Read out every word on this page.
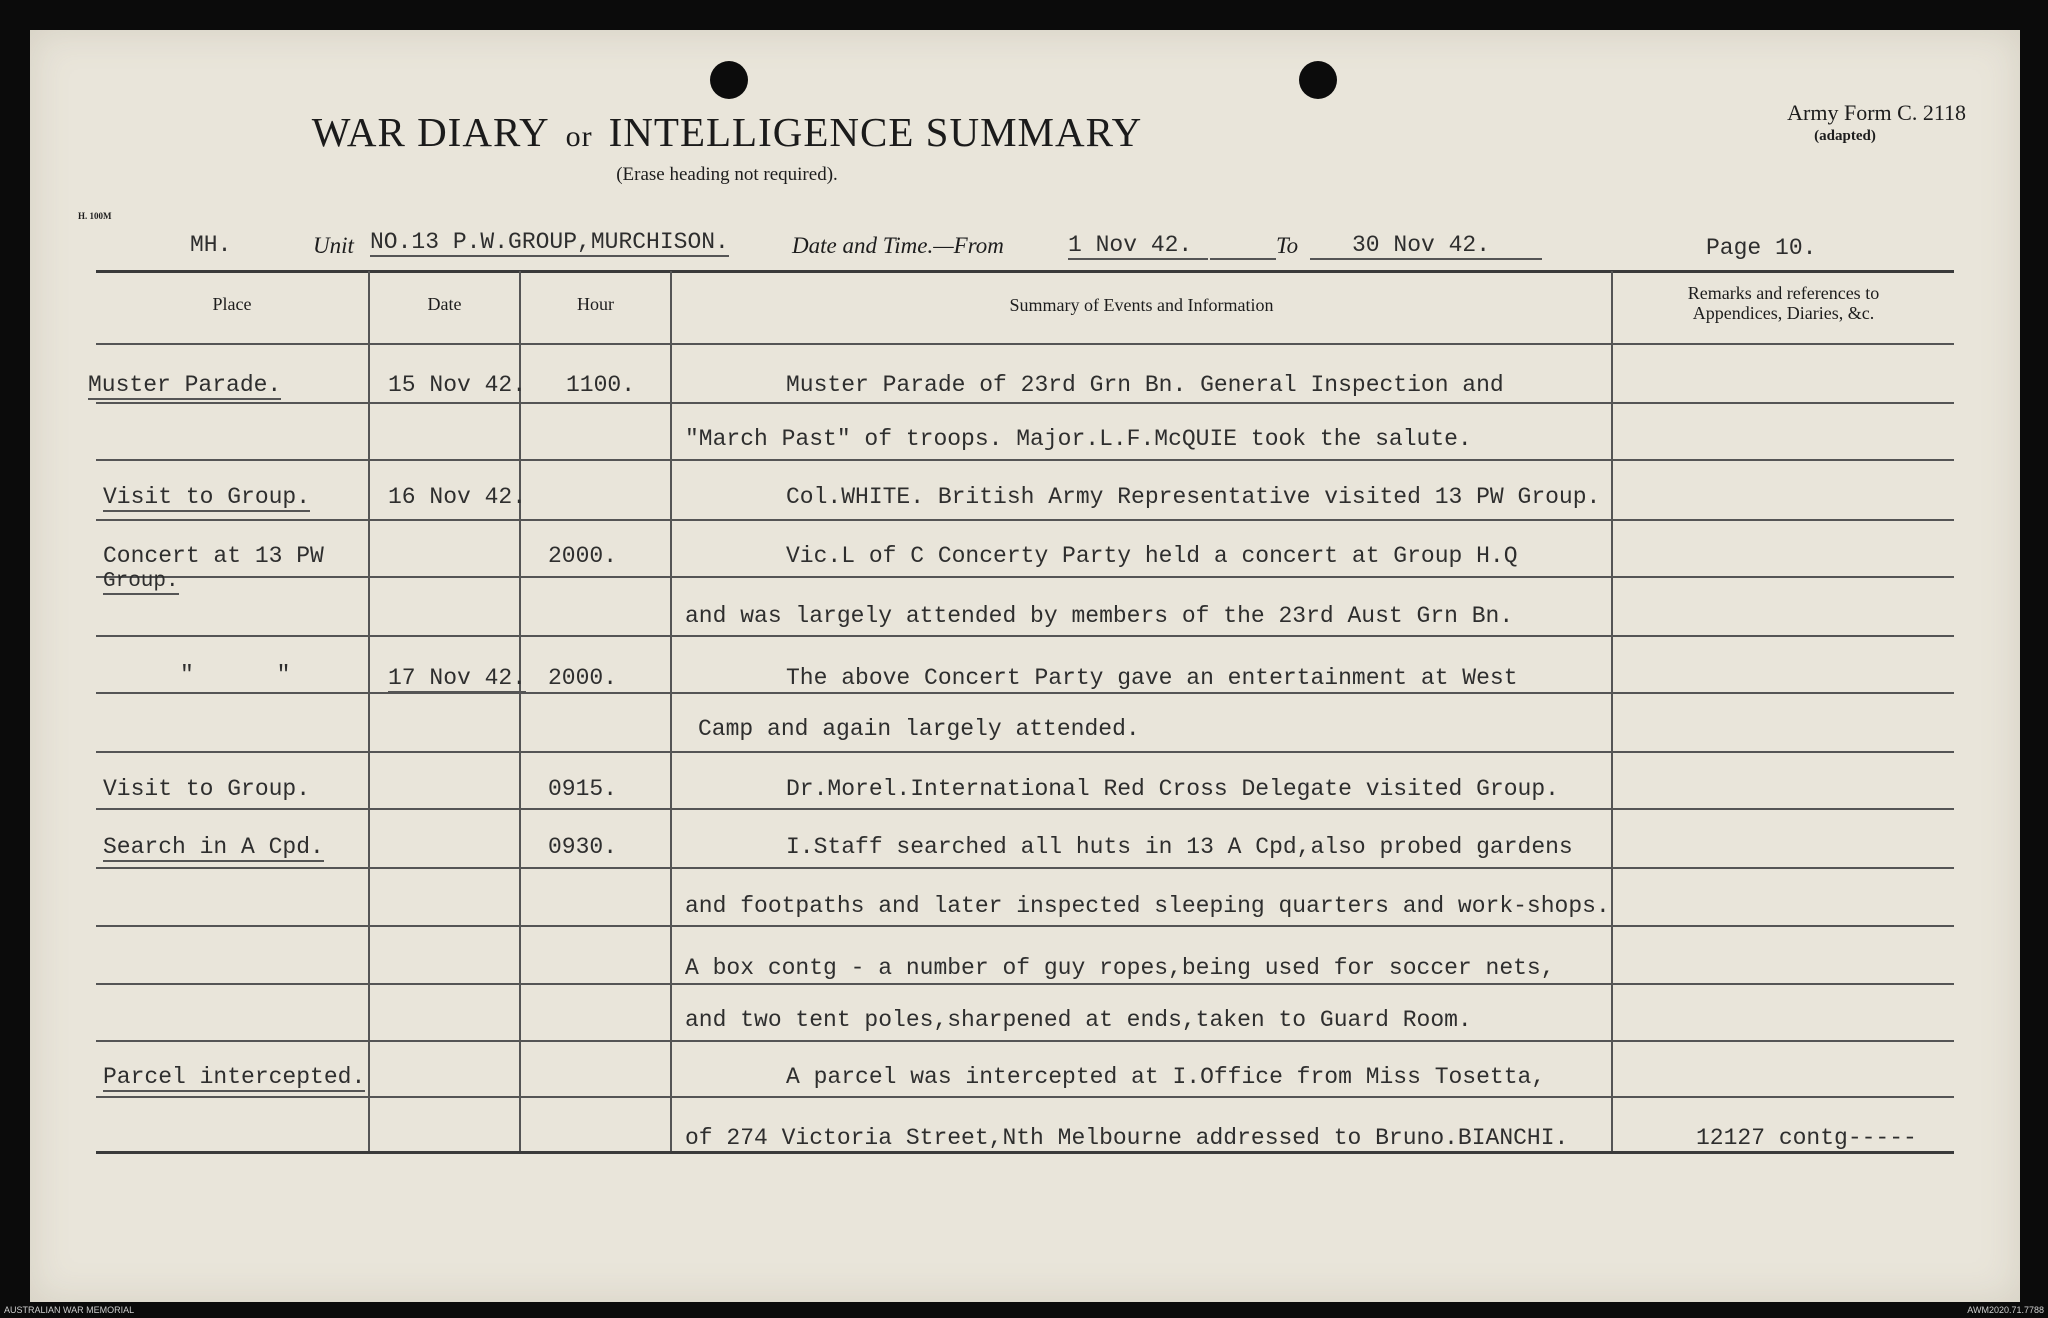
WAR DIARY or INTELLIGENCE SUMMARY
(Erase heading not required).
Army Form C. 2118
(adapted)
H. 100M
MH.	Unit NO.13 P.W.GROUP,MURCHISON.	Date and Time.—From	1 Nov 42.	To	30 Nov 42.	Page 10.
Place	Date	Hour	Summary of Events and Information
Remarks and references to
Appendices, Diaries, &c.
Muster Parade.	15 Nov 42. 1100.	Muster Parade of 23rd Grn Bn. General Inspection and
"March Past" of troops. Major.L.F.McQUIE took the salute.
Visit to Group.	16 Nov 42.	Col.WHITE. British Army Representative visited 13 PW Group.
Concert at 13 PW
Group.
2000.	Vic.L of C Concerty Party held a concert at Group H.Q
and was largely attended by members of the 23rd Aust Grn Bn.
"      "	17 Nov 42. 2000.	The above Concert Party gave an entertainment at West
Camp and again largely attended.
Visit to Group.	0915.	Dr.Morel.International Red Cross Delegate visited Group.
Search in A Cpd.	0930.	I.Staff searched all huts in 13 A Cpd,also probed gardens
and footpaths and later inspected sleeping quarters and work-shops.
A box contg - a number of guy ropes,being used for soccer nets,
and two tent poles,sharpened at ends,taken to Guard Room.
Parcel intercepted.	A parcel was intercepted at I.Office from Miss Tosetta,
of 274 Victoria Street,Nth Melbourne addressed to Bruno.BIANCHI.	12127 contg-----
AUSTRALIAN WAR MEMORIAL	AWM2020.71.7788
